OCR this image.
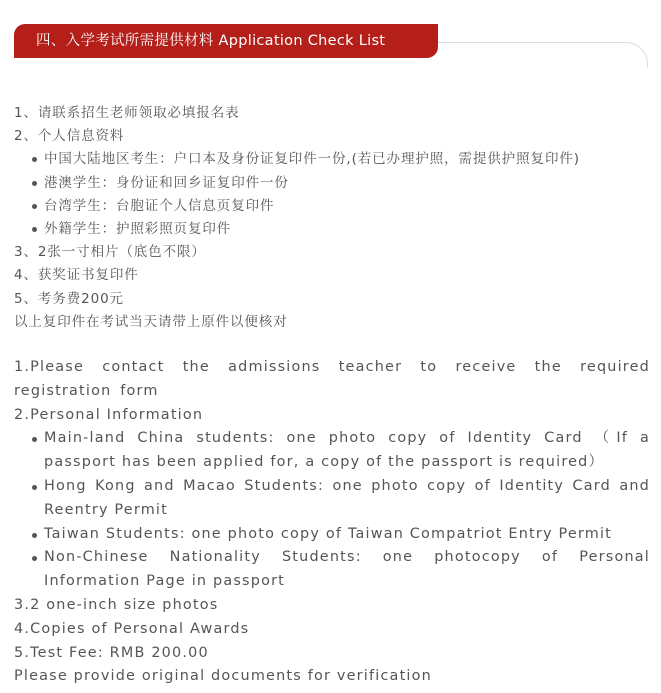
四、入学考试所需提供材料 Application Check List
1、请联系招生老师领取必填报名表
2、个人信息资料
中国大陆地区考生：户口本及身份证复印件一份,(若已办理护照，需提供护照复印件)
港澳学生：身份证和回乡证复印件一份
台湾学生：台胞证个人信息页复印件
外籍学生：护照彩照页复印件
3、2张一寸相片（底色不限）
4、获奖证书复印件
5、考务费200元
以上复印件在考试当天请带上原件以便核对
1.Please contact the admissions teacher to receive the required registration form
2.Personal Information
Main-land China students: one photo copy of Identity Card （If a passport has been applied for, a copy of the passport is required）
Hong Kong and Macao Students: one photo copy of Identity Card and Reentry Permit
Taiwan Students: one photo copy of Taiwan Compatriot Entry Permit
Non-Chinese Nationality Students: one photocopy of Personal Information Page in passport
3.2 one-inch size photos
4.Copies of Personal Awards
5.Test Fee: RMB 200.00
Please provide original documents for verification
